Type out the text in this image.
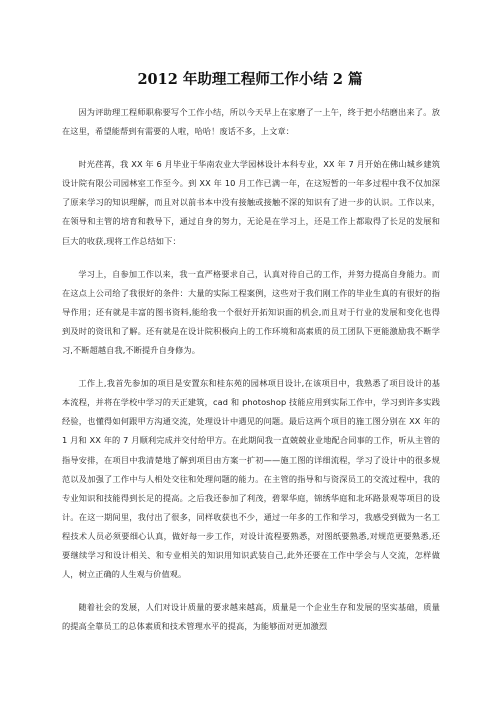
2012 年助理工程师工作小结 2 篇

因为评助理工程师职称要写个工作小结，所以今天早上在家磨了一上午，终于把小结磨出来了。放在这里，希望能帮到有需要的人啦，哈哈！废话不多，上文章：

时光荏苒，我 XX 年 6 月毕业于华南农业大学园林设计本科专业，XX 年 7 月开始在佛山城乡建筑设计院有限公司园林室工作至今。到 XX 年 10 月工作已满一年，在这短暂的一年多过程中我不仅加深了原来学习的知识理解，而且对以前书本中没有接触或接触不深的知识有了进一步的认识。工作以来，在领导和主管的培育和教导下，通过自身的努力，无论是在学习上，还是工作上都取得了长足的发展和巨大的收获,现将工作总结如下：

学习上，自参加工作以来，我一直严格要求自己，认真对待自己的工作，并努力提高自身能力。而在这点上公司给了我很好的条件：大量的实际工程案例，这些对于我们刚工作的毕业生真的有很好的指导作用；还有就是丰富的图书资料,能给我一个很好开拓知识面的机会,而且对于行业的发展和变化也得到及时的资讯和了解。还有就是在设计院积极向上的工作环境和高素质的员工团队下更能激励我不断学习,不断超越自我,不断提升自身修为。

工作上,我首先参加的项目是安置东和桂东苑的园林项目设计,在该项目中，我熟悉了项目设计的基本流程，并将在学校中学习的天正建筑，cad 和 photoshop 技能应用到实际工作中，学习到许多实践经验，也懂得如何跟甲方沟通交流，处理设计中遇见的问题。最后这两个项目的施工图分别在 XX 年的 1 月和 XX 年的 7 月顺利完成并交付给甲方。在此期间我一直兢兢业业地配合同事的工作，听从主管的指导安排，在项目中我清楚地了解到项目由方案一扩初——施工图的详细流程，学习了设计中的很多规范以及加强了工作中与人相处交往和处理问题的能力。在主管的指导和与资深员工的交流过程中，我的专业知识和技能得到长足的提高。之后我还参加了利茂，碧翠华庭，锦绣华庭和北环路景观等项目的设计。在这一期间里，我付出了很多，同样收获也不少，通过一年多的工作和学习，我感受到做为一名工程技术人员必须要细心认真，做好每一步工作，对设计流程要熟悉，对图纸要熟悉,对规范更要熟悉,还要继续学习和设计相关、和专业相关的知识用知识武装自己,此外还要在工作中学会与人交流，怎样做人，树立正确的人生观与价值观。

随着社会的发展，人们对设计质量的要求越来越高，质量是一个企业生存和发展的坚实基础，质量的提高全靠员工的总体素质和技术管理水平的提高，为能够面对更加激烈
